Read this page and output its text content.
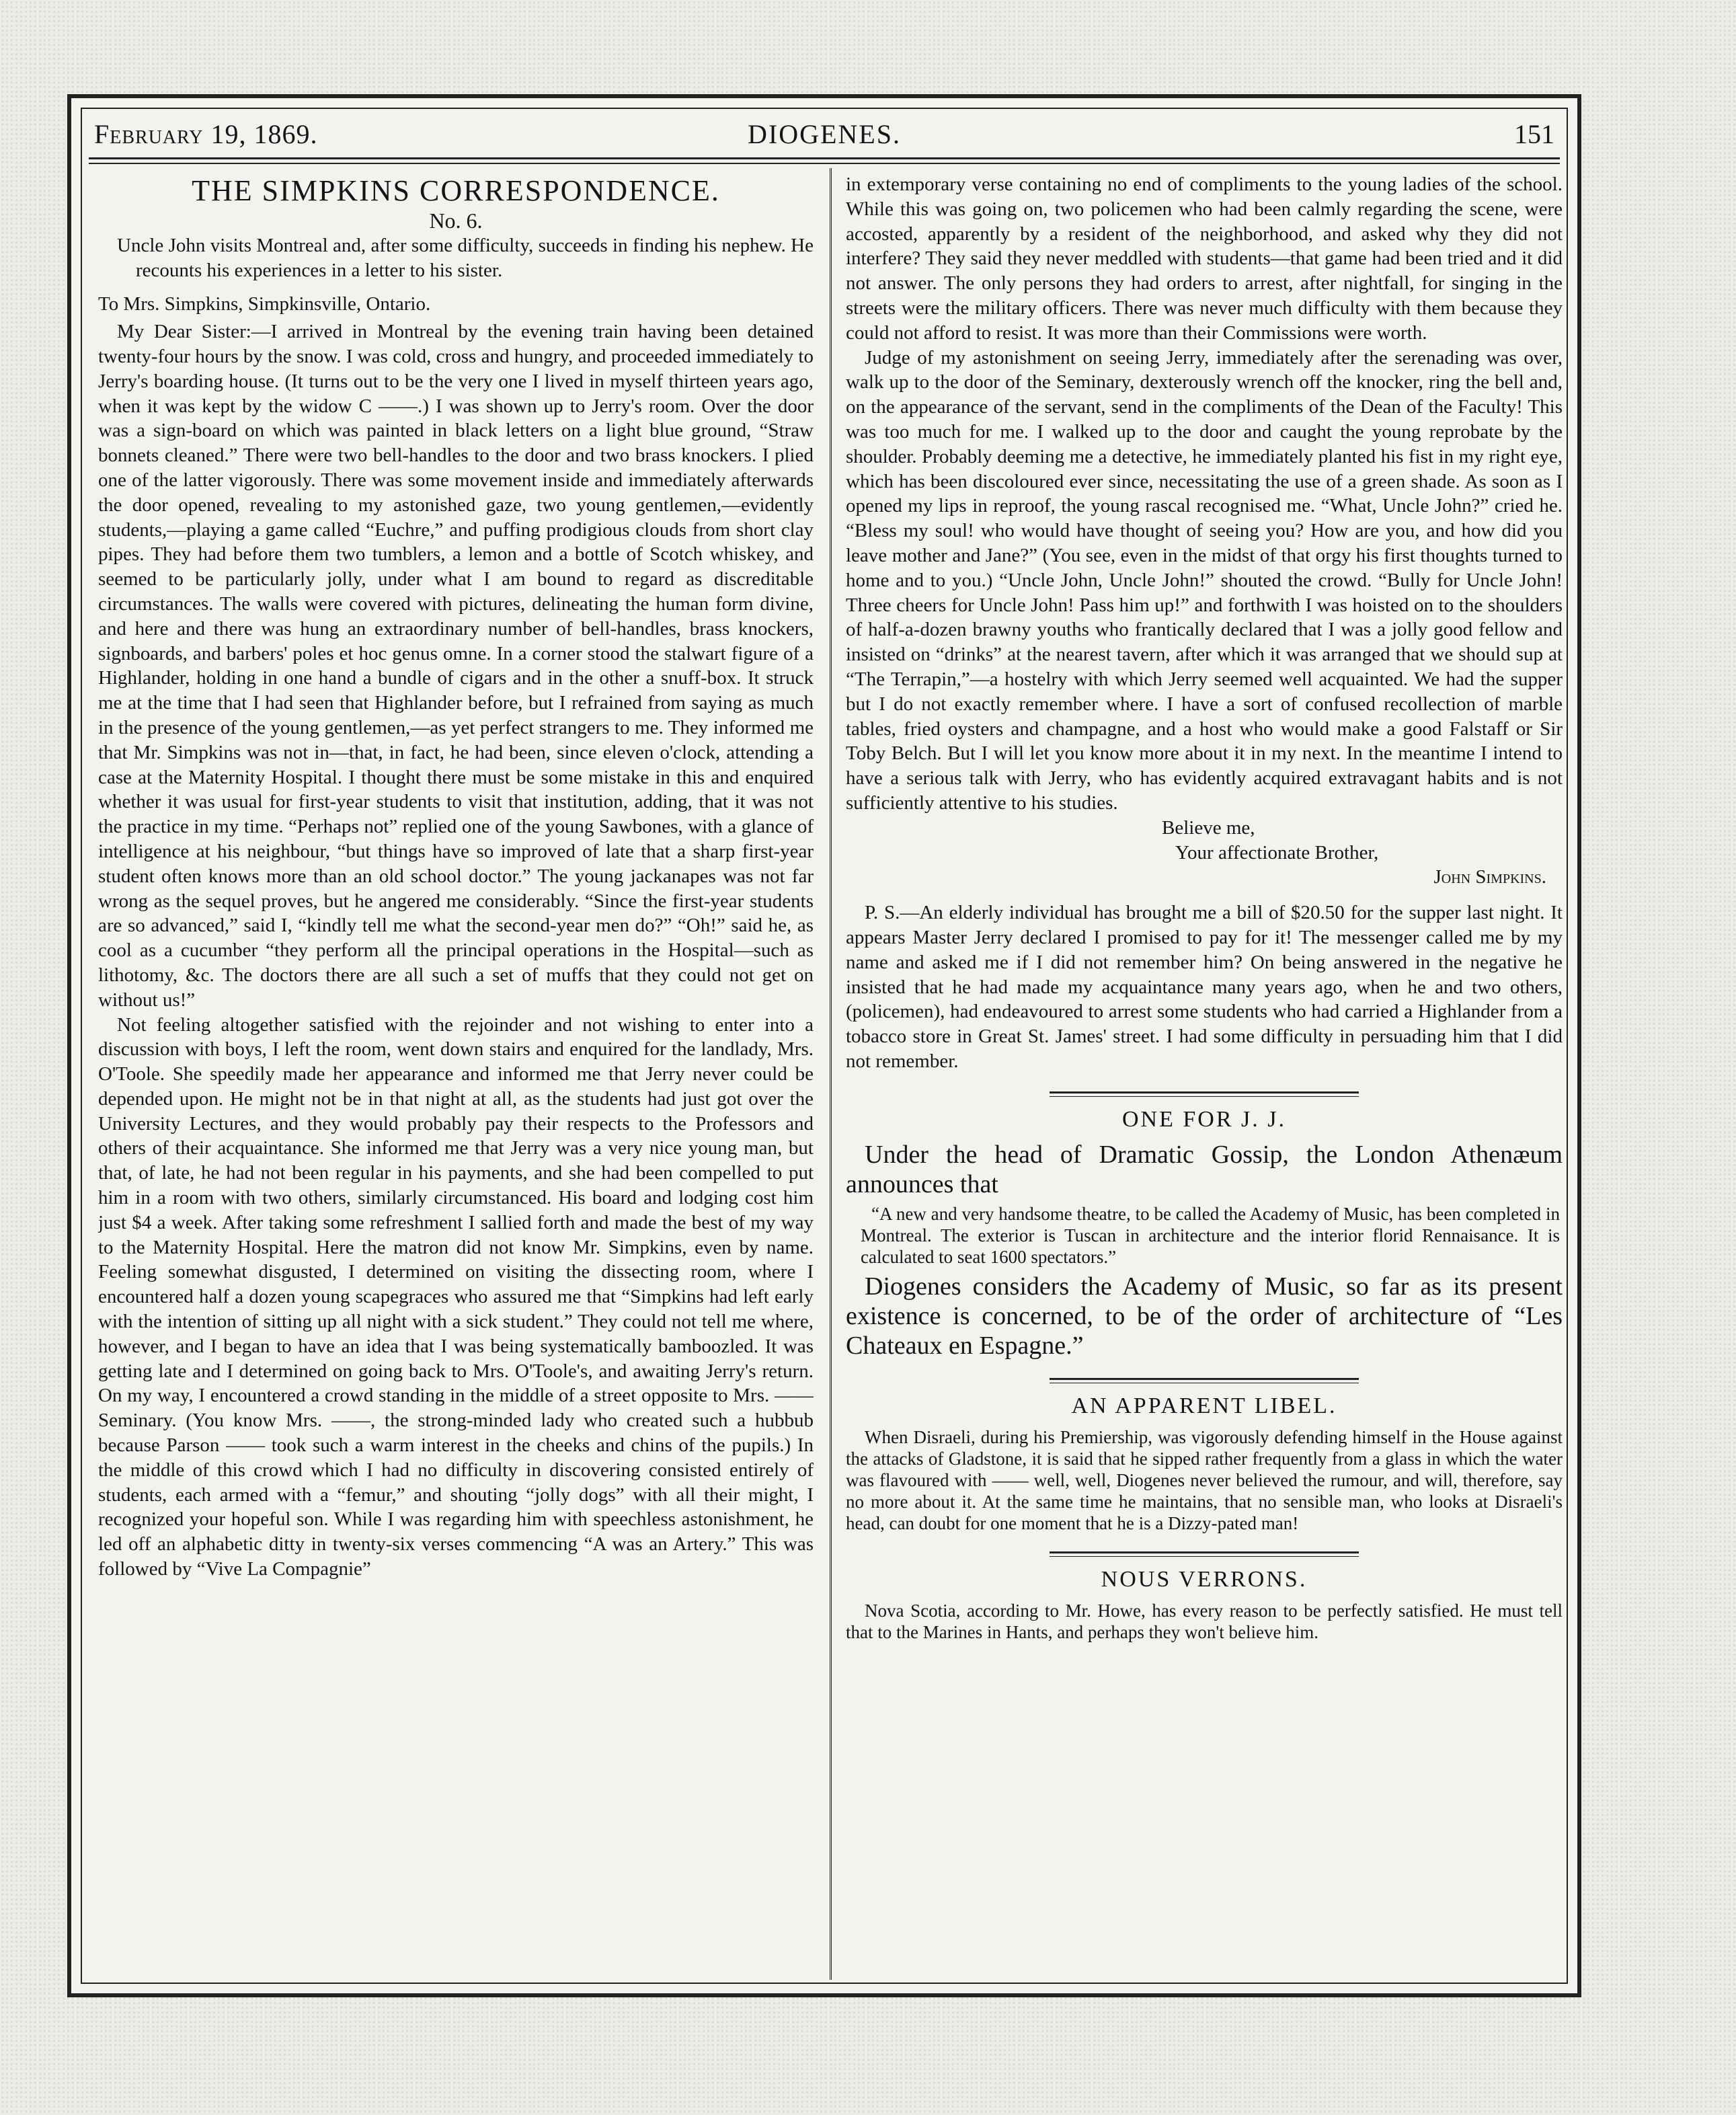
February 19, 1869.	DIOGENES.	151
THE SIMPKINS CORRESPONDENCE.

No. 6.

Uncle John visits Montreal and, after some difficulty, succeeds in finding his nephew. He recounts his experiences in a letter to his sister.

To Mrs. Simpkins, Simpkinsville, Ontario.

My Dear Sister:—I arrived in Montreal by the evening train having been detained twenty-four hours by the snow. I was cold, cross and hungry, and proceeded immediately to Jerry's boarding house. (It turns out to be the very one I lived in myself thirteen years ago, when it was kept by the widow C ——.) I was shown up to Jerry's room. Over the door was a sign-board on which was painted in black letters on a light blue ground, “Straw bonnets cleaned.” There were two bell-handles to the door and two brass knockers. I plied one of the latter vigorously. There was some movement inside and immediately afterwards the door opened, revealing to my astonished gaze, two young gentlemen,—evidently students,—playing a game called “Euchre,” and puffing prodigious clouds from short clay pipes. They had before them two tumblers, a lemon and a bottle of Scotch whiskey, and seemed to be particularly jolly, under what I am bound to regard as discreditable circumstances. The walls were covered with pictures, delineating the human form divine, and here and there was hung an extraordinary number of bell-handles, brass knockers, signboards, and barbers' poles et hoc genus omne. In a corner stood the stalwart figure of a Highlander, holding in one hand a bundle of cigars and in the other a snuff-box. It struck me at the time that I had seen that Highlander before, but I refrained from saying as much in the presence of the young gentlemen,—as yet perfect strangers to me. They informed me that Mr. Simpkins was not in—that, in fact, he had been, since eleven o'clock, attending a case at the Maternity Hospital. I thought there must be some mistake in this and enquired whether it was usual for first-year students to visit that institution, adding, that it was not the practice in my time. “Perhaps not” replied one of the young Sawbones, with a glance of intelligence at his neighbour, “but things have so improved of late that a sharp first-year student often knows more than an old school doctor.” The young jackanapes was not far wrong as the sequel proves, but he angered me considerably. “Since the first-year students are so advanced,” said I, “kindly tell me what the second-year men do?” “Oh!” said he, as cool as a cucumber “they perform all the principal operations in the Hospital—such as lithotomy, &c. The doctors there are all such a set of muffs that they could not get on without us!”

Not feeling altogether satisfied with the rejoinder and not wishing to enter into a discussion with boys, I left the room, went down stairs and enquired for the landlady, Mrs. O'Toole. She speedily made her appearance and informed me that Jerry never could be depended upon. He might not be in that night at all, as the students had just got over the University Lectures, and they would probably pay their respects to the Professors and others of their acquaintance. She informed me that Jerry was a very nice young man, but that, of late, he had not been regular in his payments, and she had been compelled to put him in a room with two others, similarly circumstanced. His board and lodging cost him just $4 a week. After taking some refreshment I sallied forth and made the best of my way to the Maternity Hospital. Here the matron did not know Mr. Simpkins, even by name. Feeling somewhat disgusted, I determined on visiting the dissecting room, where I encountered half a dozen young scapegraces who assured me that “Simpkins had left early with the intention of sitting up all night with a sick student.” They could not tell me where, however, and I began to have an idea that I was being systematically bamboozled. It was getting late and I determined on going back to Mrs. O'Toole's, and awaiting Jerry's return. On my way, I encountered a crowd standing in the middle of a street opposite to Mrs. —— Seminary. (You know Mrs. ——, the strong-minded lady who created such a hubbub because Parson —— took such a warm interest in the cheeks and chins of the pupils.) In the middle of this crowd which I had no difficulty in discovering consisted entirely of students, each armed with a “femur,” and shouting “jolly dogs” with all their might, I recognized your hopeful son. While I was regarding him with speechless astonishment, he led off an alphabetic ditty in twenty-six verses commencing “A was an Artery.” This was followed by “Vive La Compagnie”

in extemporary verse containing no end of compliments to the young ladies of the school. While this was going on, two policemen who had been calmly regarding the scene, were accosted, apparently by a resident of the neighborhood, and asked why they did not interfere? They said they never meddled with students—that game had been tried and it did not answer. The only persons they had orders to arrest, after nightfall, for singing in the streets were the military officers. There was never much difficulty with them because they could not afford to resist. It was more than their Commissions were worth.

Judge of my astonishment on seeing Jerry, immediately after the serenading was over, walk up to the door of the Seminary, dexterously wrench off the knocker, ring the bell and, on the appearance of the servant, send in the compliments of the Dean of the Faculty! This was too much for me. I walked up to the door and caught the young reprobate by the shoulder. Probably deeming me a detective, he immediately planted his fist in my right eye, which has been discoloured ever since, necessitating the use of a green shade. As soon as I opened my lips in reproof, the young rascal recognised me. “What, Uncle John?” cried he. “Bless my soul! who would have thought of seeing you? How are you, and how did you leave mother and Jane?” (You see, even in the midst of that orgy his first thoughts turned to home and to you.) “Uncle John, Uncle John!” shouted the crowd. “Bully for Uncle John! Three cheers for Uncle John! Pass him up!” and forthwith I was hoisted on to the shoulders of half-a-dozen brawny youths who frantically declared that I was a jolly good fellow and insisted on “drinks” at the nearest tavern, after which it was arranged that we should sup at “The Terrapin,”—a hostelry with which Jerry seemed well acquainted. We had the supper but I do not exactly remember where. I have a sort of confused recollection of marble tables, fried oysters and champagne, and a host who would make a good Falstaff or Sir Toby Belch. But I will let you know more about it in my next. In the meantime I intend to have a serious talk with Jerry, who has evidently acquired extravagant habits and is not sufficiently attentive to his studies.

Believe me,

Your affectionate Brother,

John Simpkins.

P. S.—An elderly individual has brought me a bill of $20.50 for the supper last night. It appears Master Jerry declared I promised to pay for it! The messenger called me by my name and asked me if I did not remember him? On being answered in the negative he insisted that he had made my acquaintance many years ago, when he and two others, (policemen), had endeavoured to arrest some students who had carried a Highlander from a tobacco store in Great St. James' street. I had some difficulty in persuading him that I did not remember.

ONE FOR J. J.

Under the head of Dramatic Gossip, the London Athenæum announces that

“A new and very handsome theatre, to be called the Academy of Music, has been completed in Montreal. The exterior is Tuscan in architecture and the interior florid Rennaisance. It is calculated to seat 1600 spectators.”

Diogenes considers the Academy of Music, so far as its present existence is concerned, to be of the order of architecture of “Les Chateaux en Espagne.”

AN APPARENT LIBEL.

When Disraeli, during his Premiership, was vigorously defending himself in the House against the attacks of Gladstone, it is said that he sipped rather frequently from a glass in which the water was flavoured with —— well, well, Diogenes never believed the rumour, and will, therefore, say no more about it. At the same time he maintains, that no sensible man, who looks at Disraeli's head, can doubt for one moment that he is a Dizzy-pated man!

NOUS VERRONS.

Nova Scotia, according to Mr. Howe, has every reason to be perfectly satisfied. He must tell that to the Marines in Hants, and perhaps they won't believe him.
